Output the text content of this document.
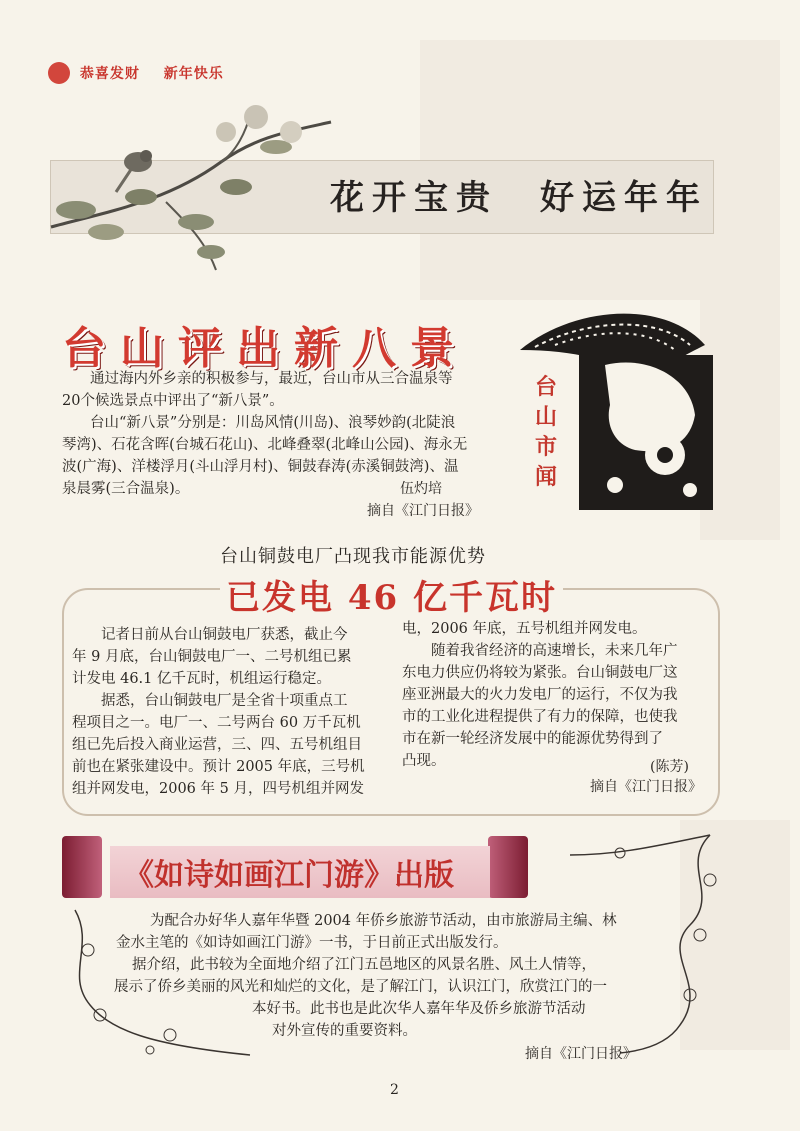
恭喜发财 新年快乐
花开宝贵　好运年年
台山评出新八景
通过海内外乡亲的积极参与，最近，台山市从三合温泉等
20个候选景点中评出了“新八景”。
台山“新八景”分别是：川岛风情(川岛)、浪琴妙韵(北陡浪
琴湾)、石花含晖(台城石花山)、北峰叠翠(北峰山公园)、海永无
波(广海)、洋楼浮月(斗山浮月村)、铜鼓春涛(赤溪铜鼓湾)、温
泉晨雾(三合温泉)。	伍灼培
摘自《江门日报》
台
山
市
闻
台山铜鼓电厂凸现我市能源优势
已发电 46 亿千瓦时
　　记者日前从台山铜鼓电厂获悉，截止今
年 9 月底，台山铜鼓电厂一、二号机组已累
计发电 46.1 亿千瓦时，机组运行稳定。
　　据悉，台山铜鼓电厂是全省十项重点工
程项目之一。电厂一、二号两台 60 万千瓦机
组已先后投入商业运营，三、四、五号机组目
前也在紧张建设中。预计 2005 年底，三号机
组并网发电，2006 年 5 月，四号机组并网发
电，2006 年底，五号机组并网发电。
　　随着我省经济的高速增长，未来几年广
东电力供应仍将较为紧张。台山铜鼓电厂这
座亚洲最大的火力发电厂的运行，不仅为我
市的工业化进程提供了有力的保障，也使我
市在新一轮经济发展中的能源优势得到了
凸现。	(陈芳)
摘自《江门日报》
《如诗如画江门游》出版
为配合办好华人嘉年华暨 2004 年侨乡旅游节活动，由市旅游局主编、林
金水主笔的《如诗如画江门游》一书，于日前正式出版发行。
据介绍，此书较为全面地介绍了江门五邑地区的风景名胜、风土人情等，
展示了侨乡美丽的风光和灿烂的文化，是了解江门，认识江门，欣赏江门的一
本好书。此书也是此次华人嘉年华及侨乡旅游节活动
对外宣传的重要资料。
摘自《江门日报》
2
